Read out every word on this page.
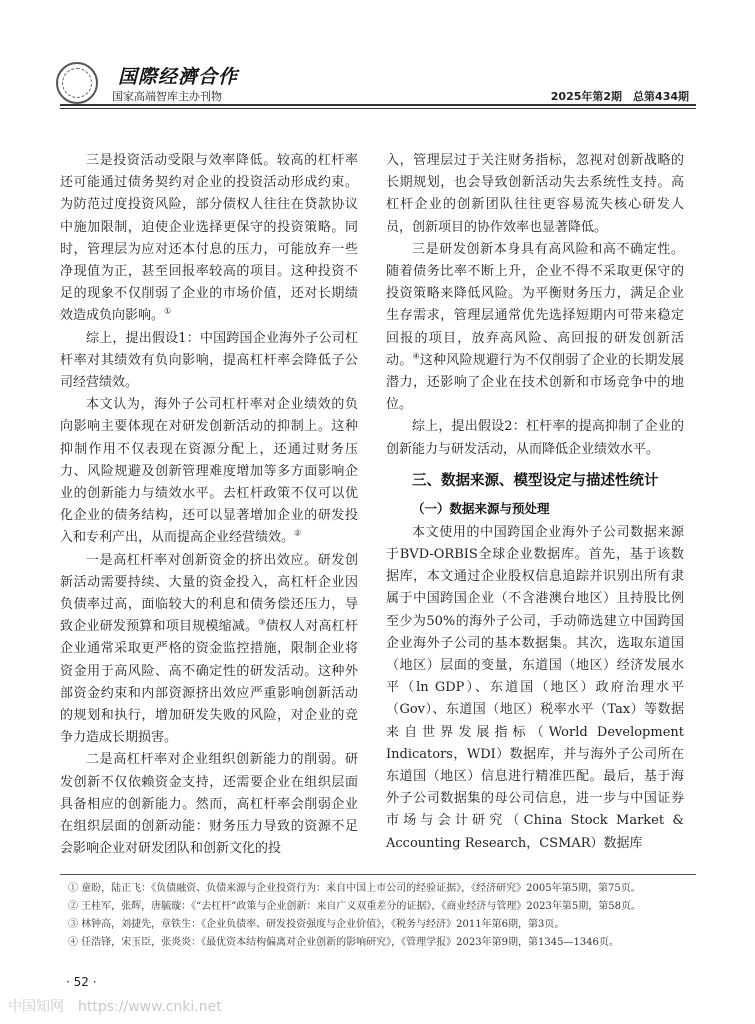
国際经濟合作
国家高端智库主办刊物	2025年第2期　总第434期

三是投资活动受限与效率降低。较高的杠杆率还可能通过债务契约对企业的投资活动形成约束。为防范过度投资风险，部分债权人往往在贷款协议中施加限制，迫使企业选择更保守的投资策略。同时，管理层为应对还本付息的压力，可能放弃一些净现值为正，甚至回报率较高的项目。这种投资不足的现象不仅削弱了企业的市场价值，还对长期绩效造成负向影响。①

综上，提出假设1：中国跨国企业海外子公司杠杆率对其绩效有负向影响，提高杠杆率会降低子公司经营绩效。

本文认为，海外子公司杠杆率对企业绩效的负向影响主要体现在对研发创新活动的抑制上。这种抑制作用不仅表现在资源分配上，还通过财务压力、风险规避及创新管理难度增加等多方面影响企业的创新能力与绩效水平。去杠杆政策不仅可以优化企业的债务结构，还可以显著增加企业的研发投入和专利产出，从而提高企业经营绩效。②

一是高杠杆率对创新资金的挤出效应。研发创新活动需要持续、大量的资金投入，高杠杆企业因负债率过高，面临较大的利息和债务偿还压力，导致企业研发预算和项目规模缩减。③债权人对高杠杆企业通常采取更严格的资金监控措施，限制企业将资金用于高风险、高不确定性的研发活动。这种外部资金约束和内部资源挤出效应严重影响创新活动的规划和执行，增加研发失败的风险，对企业的竞争力造成长期损害。

二是高杠杆率对企业组织创新能力的削弱。研发创新不仅依赖资金支持，还需要企业在组织层面具备相应的创新能力。然而，高杠杆率会削弱企业在组织层面的创新动能：财务压力导致的资源不足会影响企业对研发团队和创新文化的投

入，管理层过于关注财务指标，忽视对创新战略的长期规划，也会导致创新活动失去系统性支持。高杠杆企业的创新团队往往更容易流失核心研发人员，创新项目的协作效率也显著降低。

三是研发创新本身具有高风险和高不确定性。随着债务比率不断上升，企业不得不采取更保守的投资策略来降低风险。为平衡财务压力，满足企业生存需求，管理层通常优先选择短期内可带来稳定回报的项目，放弃高风险、高回报的研发创新活动。④这种风险规避行为不仅削弱了企业的长期发展潜力，还影响了企业在技术创新和市场竞争中的地位。

综上，提出假设2：杠杆率的提高抑制了企业的创新能力与研发活动，从而降低企业绩效水平。

三、数据来源、模型设定与描述性统计
（一）数据来源与预处理

本文使用的中国跨国企业海外子公司数据来源于BVD-ORBIS全球企业数据库。首先，基于该数据库，本文通过企业股权信息追踪并识别出所有隶属于中国跨国企业（不含港澳台地区）且持股比例至少为50%的海外子公司，手动筛选建立中国跨国企业海外子公司的基本数据集。其次，选取东道国（地区）层面的变量，东道国（地区）经济发展水平（ln GDP）、东道国（地区）政府治理水平（Gov）、东道国（地区）税率水平（Tax）等数据来自世界发展指标（World Development Indicators，WDI）数据库，并与海外子公司所在东道国（地区）信息进行精准匹配。最后，基于海外子公司数据集的母公司信息，进一步与中国证券市场与会计研究（China Stock Market & Accounting Research，CSMAR）数据库

① 童盼，陆正飞：《负债融资、负债来源与企业投资行为：来自中国上市公司的经验证据》，《经济研究》2005年第5期，第75页。

② 王桂军，张辉，唐毓璇：《“去杠杆”政策与企业创新：来自广义双重差分的证据》，《商业经济与管理》2023年第5期，第58页。

③ 林钟高，刘捷先，章铁生：《企业负债率、研发投资强度与企业价值》，《税务与经济》2011年第6期，第3页。

④ 任浩锋，宋玉臣，张炎炎：《最优资本结构偏离对企业创新的影响研究》，《管理学报》2023年第9期，第1345—1346页。

· 52 ·
中国知网　https://www.cnki.net
